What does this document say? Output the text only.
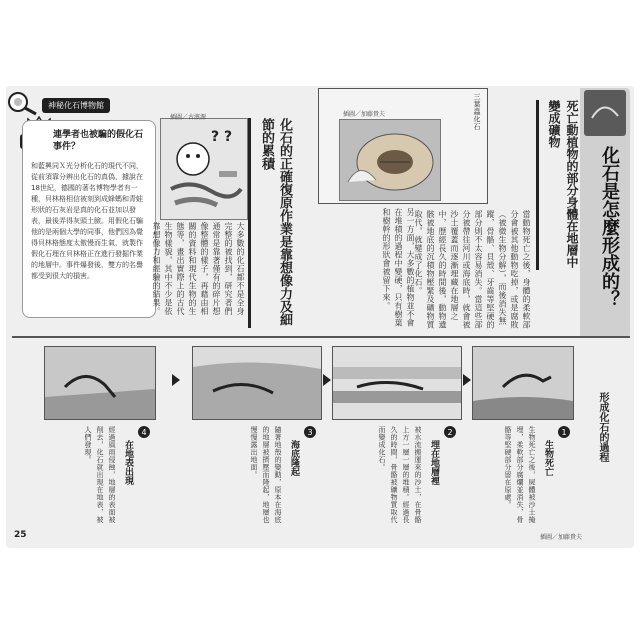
神秘化石博物館
連學者也被騙的假化石事件？
和藍興同Ｘ光分析化石的現代不同，從前須靠分辨出化石的真偽，據說在18世紀，德國的著名博物學者有一種，貝林格相信被刻到成蜂螞和青蛙形狀的石灰岩是真的化石並加以發表，最後弄得灰頭土臉。用假化石騙他的是兩個大學的同事，他們因為覺得貝林格態度太傲慢而生氣，就製作假化石埋在貝林格正在進行發掘作業的地層中。事件爆發後，雙方的名譽都受到很大的損害。
? ?
插圖／古濱源
化石的正確復原作業是靠想像力及細節的累積
大多數的化石都不是全身完整的被找到，研究者們通常是靠著僅有的碎片想像整體的樣子，再藉由相關的資料和現代生物的生態等，畫出實際上的古代生物樣貌，其中不少是依靠想像力和經驗的結果。
插圖／加藤貴夫	三葉蟲化石	死亡動植物的部分身體在地層中變成礦物
當動物死亡之後，身體的柔軟部分會被其他動物吃掉，或是腐敗（被微生物分解），而後消失無蹤，骨骼、貝殼、牙齒等堅硬的部分則不太容易消失。當這些部分被帶往河川或海底時，就會被沙土覆蓋而逐漸埋藏在地層之中，歷經長久的時間後，動物遺骸被地底的沉積物壓緊及礦物質取代，就變成了化石。
另一方面，大多數的植物並不會在堆積的過程中變硬，只有樹葉和樹幹的形狀會被留下來。	化石是怎麼形成的？
形成化石的過程
1
生物死亡
生物死亡之後，屍體被沙土掩埋，柔軟部分腐爛並消失，骨骼等堅硬部分留在原處。
2
埋在地層裡
被水流搬運來的沙土，在骨骼上方一層一層的堆積。經過長久的時間，骨骼被礦物質取代而變成化石。
3
海底隆起
隨著地殼的變動，原本在海底的地層被擠壓而隆起，地層也慢慢露出地面。
4
在地表出現
經過風雨侵蝕，地層的表面被削去，化石就出現在地表，被人們發現。
插圖／加藤貴夫
25
